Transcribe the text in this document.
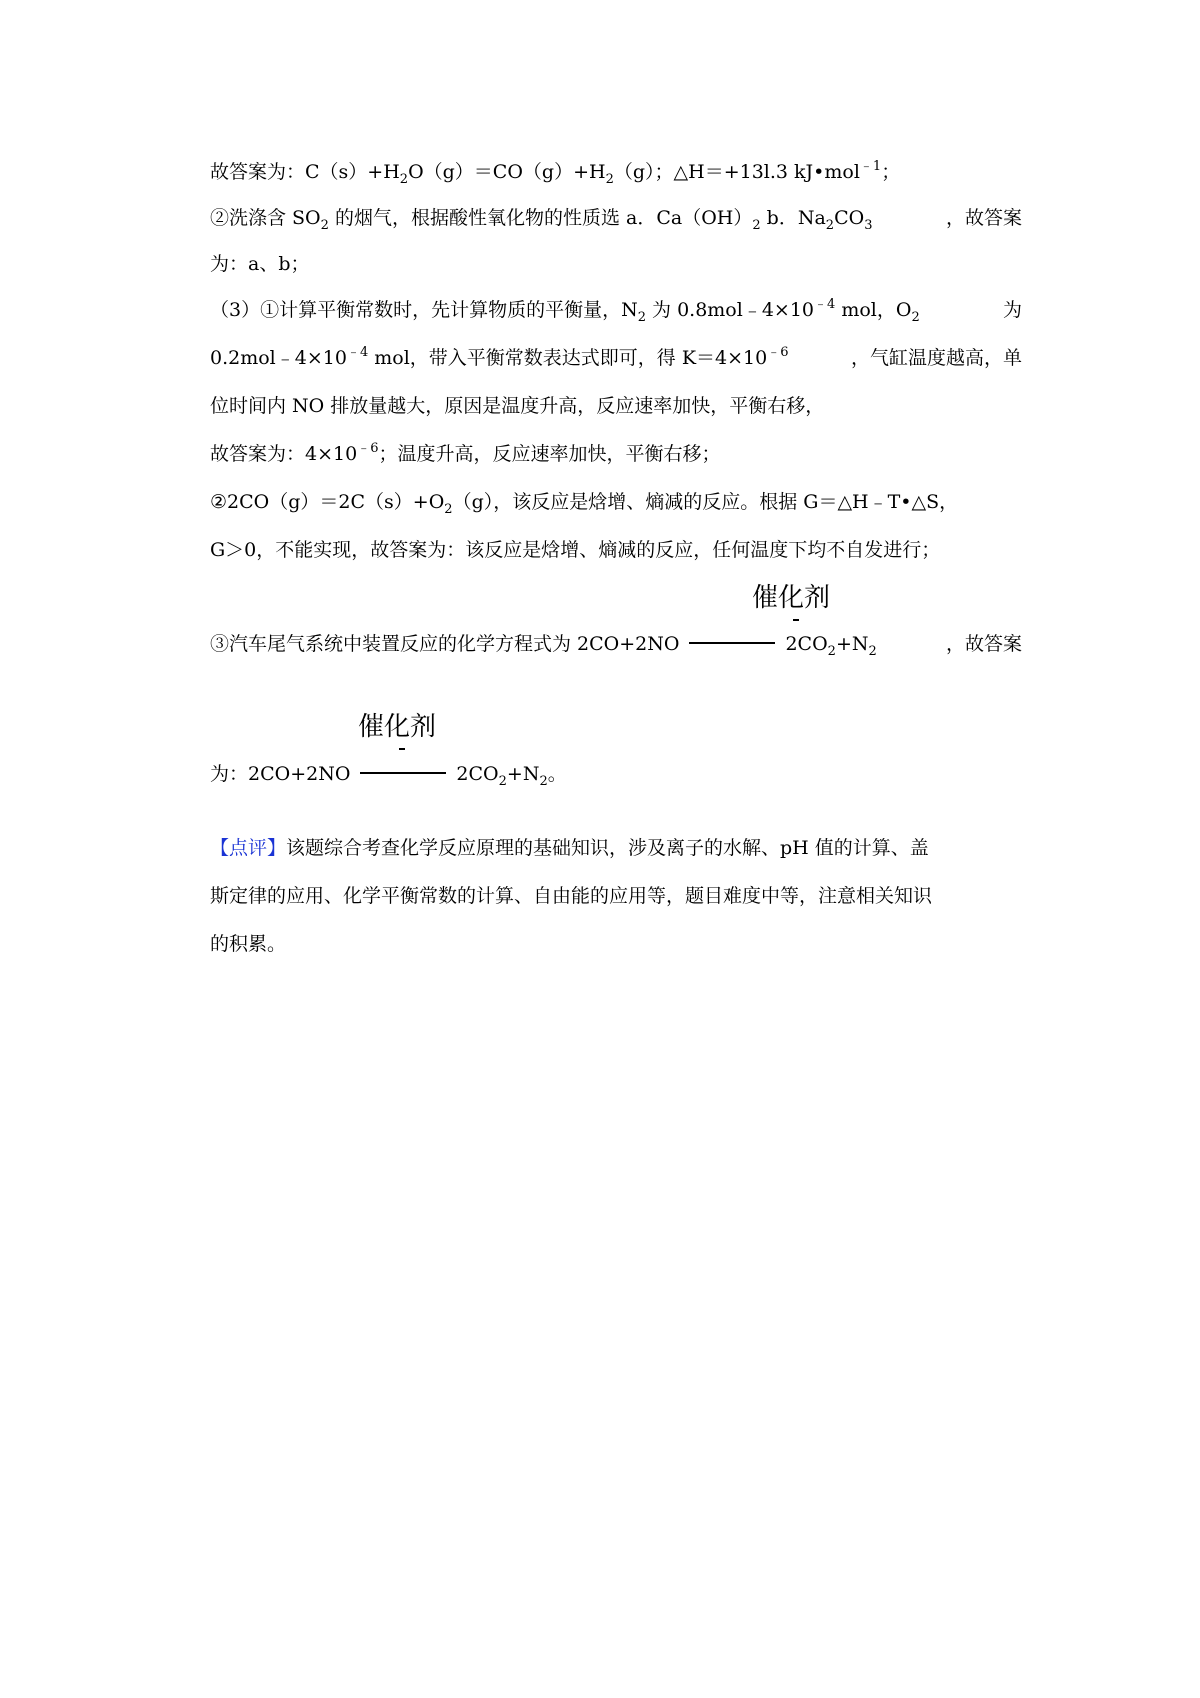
故答案为：$C(s)+H_2O(g)=CO(g)+H_2(g)$；△H＝+13l.3 kJ•mol$^{﹣1}$；
②洗涤含 $SO_2$ 的烟气，根据酸性氧化物的性质选 a．$Ca(OH)_2$ b．$Na_2CO_3$	，故答案
为：a、b；
（3）①计算平衡常数时，先计算物质的平衡量，$N_2$ 为 $0.8mol﹣4\times 10^{﹣4}$ mol，$O_2$	为
$0.2mol﹣4\times 10^{﹣4}$ mol，带入平衡常数表达式即可，得 $K=4\times 10^{﹣6}$	，气缸温度越高，单
位时间内 NO 排放量越大，原因是温度升高，反应速率加快，平衡右移，
故答案为：$4\times 10^{﹣6}$；温度升高，反应速率加快，平衡右移；
$②2CO(g)=2C(s)+O_2(g)$，该反应是焓增、熵减的反应。根据 G＝△H﹣T•△S，
G＞0，不能实现，故答案为：该反应是焓增、熵减的反应，任何温度下均不自发进行；
催化剂
③汽车尾气系统中装置反应的化学方程式为 2CO+2NO	$2CO_2+N_2$	，故答案
催化剂
为：2CO+2NO	$2CO_2+N_2$。
【点评】该题综合考查化学反应原理的基础知识，涉及离子的水解、pH 值的计算、盖
斯定律的应用、化学平衡常数的计算、自由能的应用等，题目难度中等，注意相关知识
的积累。
